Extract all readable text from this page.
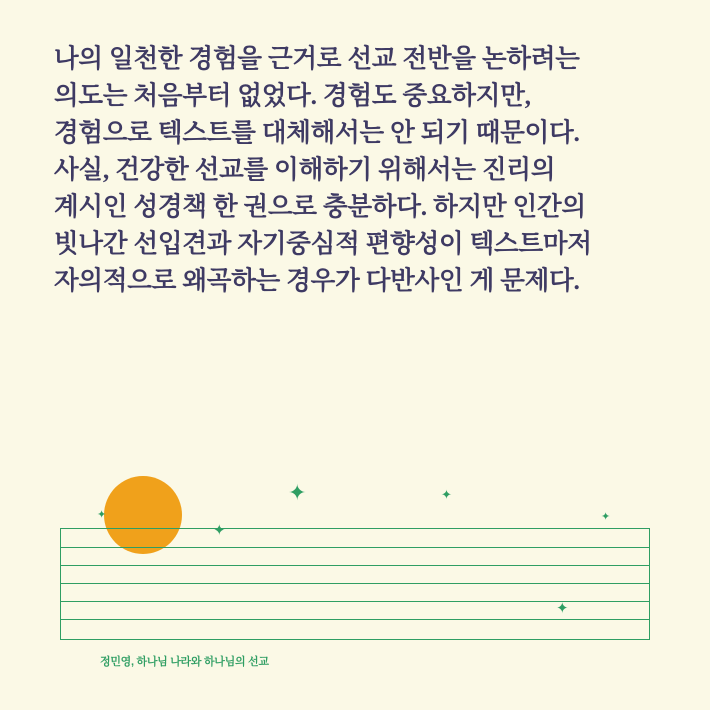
나의 일천한 경험을 근거로 선교 전반을 논하려는
의도는 처음부터 없었다. 경험도 중요하지만,
경험으로 텍스트를 대체해서는 안 되기 때문이다.
사실, 건강한 선교를 이해하기 위해서는 진리의
계시인 성경책 한 권으로 충분하다. 하지만 인간의
빗나간 선입견과 자기중심적 편향성이 텍스트마저
자의적으로 왜곡하는 경우가 다반사인 게 문제다.
✦	✦
✦	✦
✦
✦
정민영, 하나님 나라와 하나님의 선교
